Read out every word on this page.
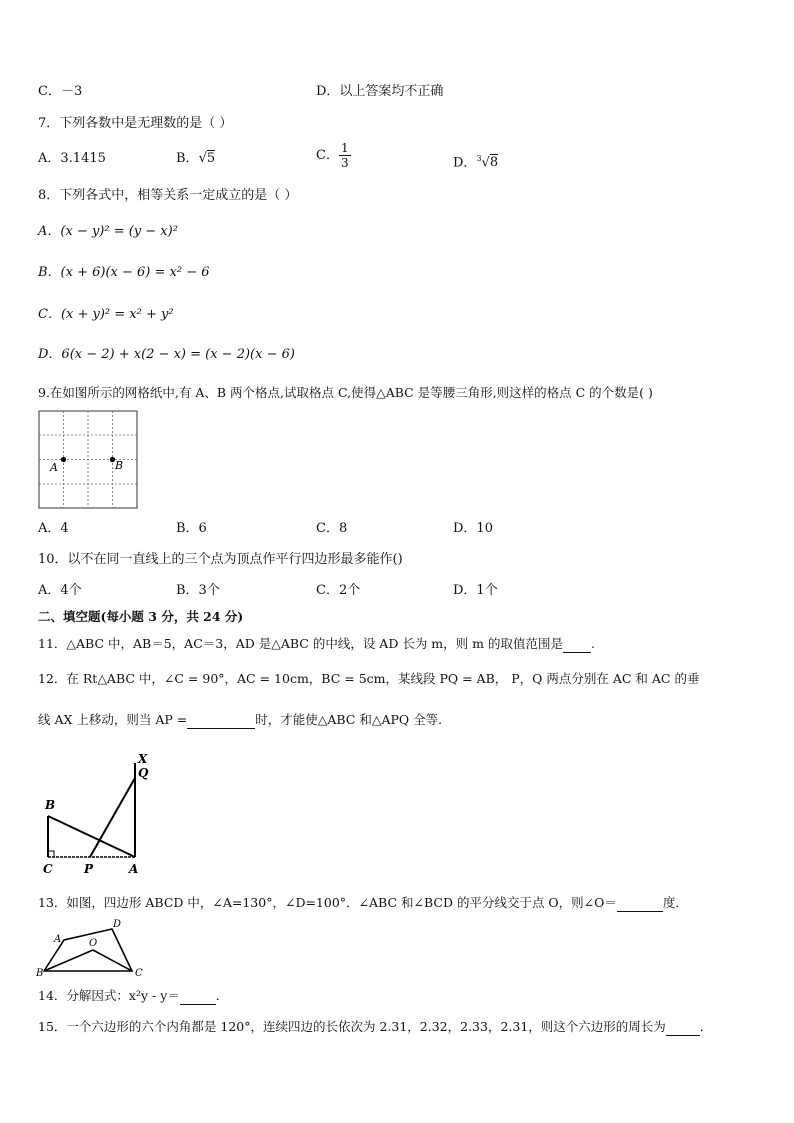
C．－3	D．以上答案均不正确
7．下列各数中是无理数的是（ ）
A．3.1415	B．√5	C． $\frac{1}{3}$	D．$^3$√8
8．下列各式中，相等关系一定成立的是（ ）
A．(x − y)² = (y − x)²
B．(x + 6)(x − 6) = x² − 6
C．(x + y)² = x² + y²
D．6(x − 2) + x(2 − x) = (x − 2)(x − 6)
9.在如图所示的网格纸中,有 A、B 两个格点,试取格点 C,使得△ABC 是等腰三角形,则这样的格点 C 的个数是( )
A	B
A．4	B．6	C．8	D．10
10．以不在同一直线上的三个点为顶点作平行四边形最多能作()
A．4个	B．3个	C．2个	D．1个
二、填空题(每小题 3 分，共 24 分)
11．△ABC 中，AB＝5，AC＝3，AD 是△ABC 的中线，设 AD 长为 m，则 m 的取值范围是 .
12．在 Rt△ABC 中，∠C = 90°，AC = 10cm，BC = 5cm，某线段 PQ = AB， P，Q 两点分别在 AC 和 AC 的垂
线 AX 上移动，则当 AP =	时，才能使△ABC 和△APQ 全等.
X
Q
B
C	P	A
13．如图，四边形 ABCD 中，∠A=130°，∠D=100°．∠ABC 和∠BCD 的平分线交于点 O，则∠O＝	度．
A
B	C
D
O
14．分解因式：x²y - y＝	．
15．一个六边形的六个内角都是 120°，连续四边的长依次为 2.31，2.32，2.33，2.31，则这个六边形的周长为	．
